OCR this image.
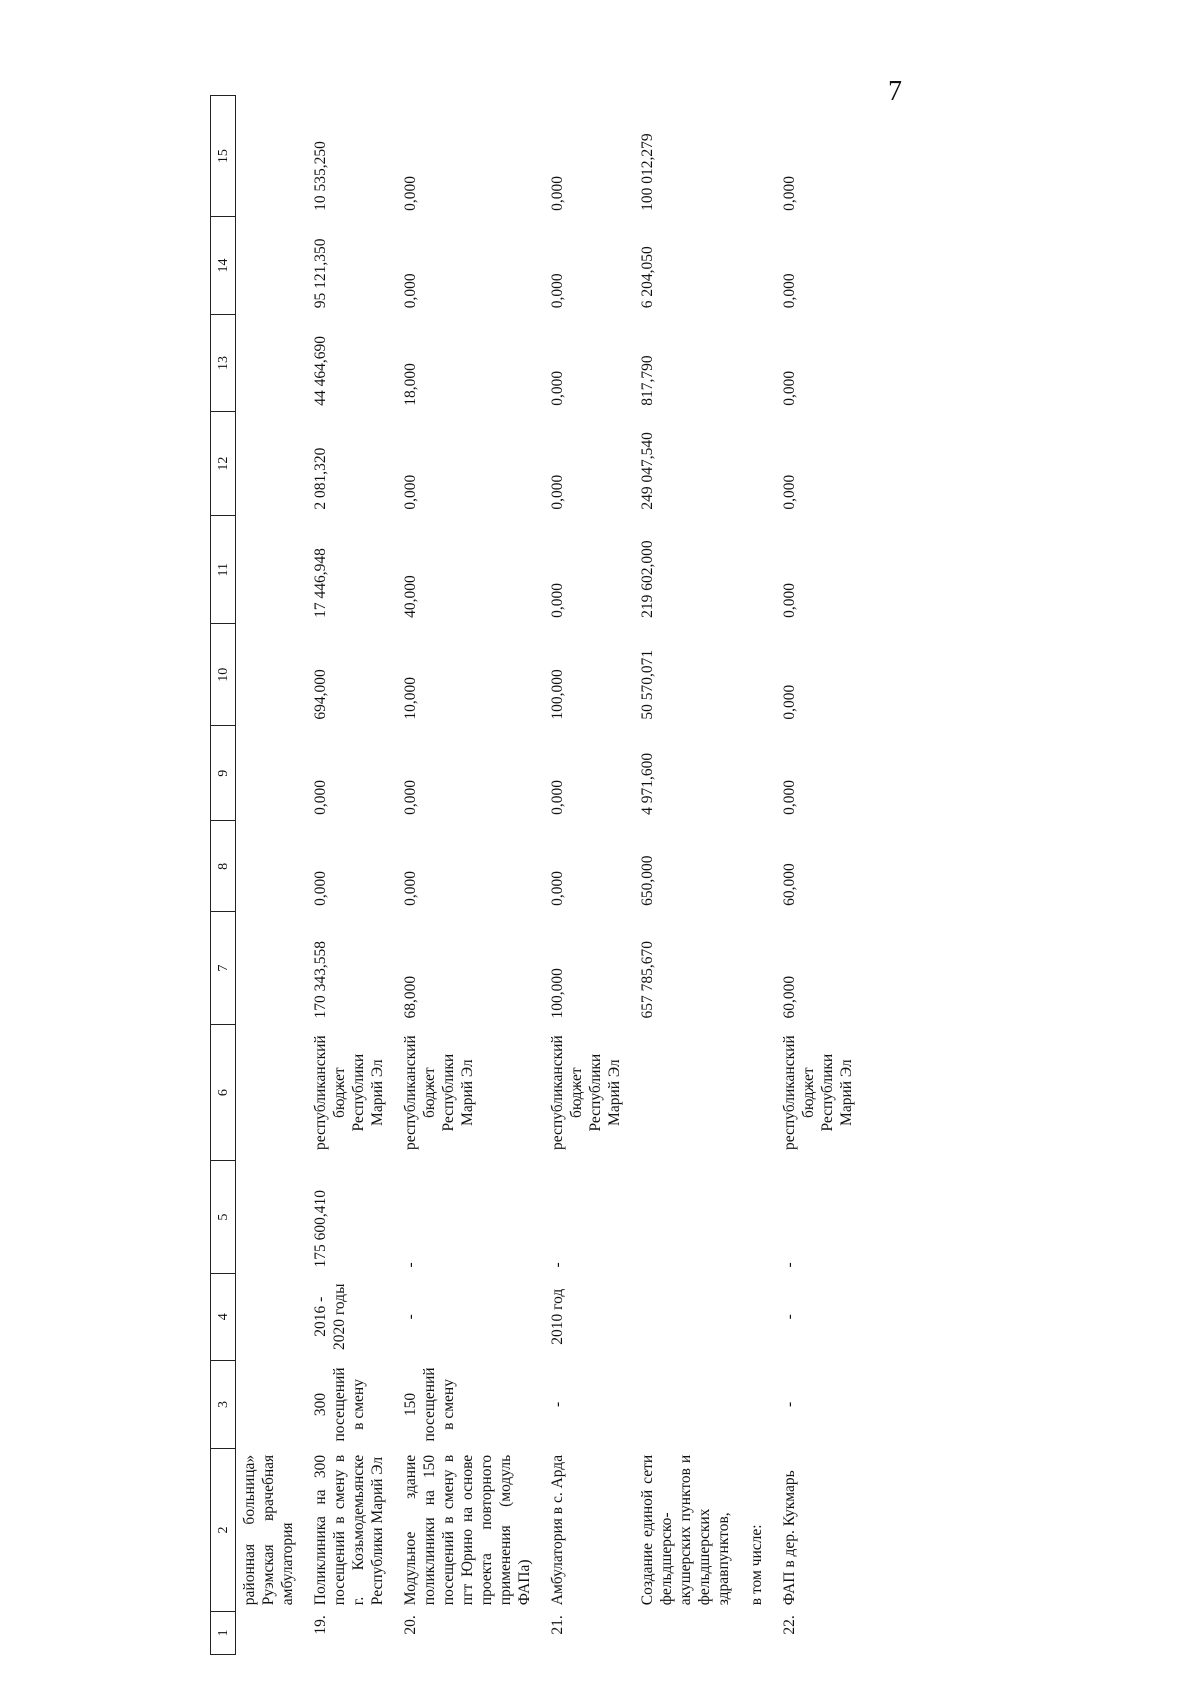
7
1	2	3	4	5	6	7	8	9	10	11	12	13	14	15
	районная больница» Руэмская врачебная амбулатория													
19.	Поликлиника на 300 посещений в смену в г. Козьмодемьянске Республики Марий Эл	300 посещений в смену	2016 - 2020 годы	175 600,410	республиканский бюджет Республики Марий Эл	170 343,558	0,000	0,000	694,000	17 446,948	2 081,320	44 464,690	95 121,350	10 535,250
20.	Модульное здание поликлиники на 150 посещений в смену в пгт Юрино на основе проекта повторного применения (модуль ФАПа)	150 посещений в смену	-	-	республиканский бюджет Республики Марий Эл	68,000	0,000	0,000	10,000	40,000	0,000	18,000	0,000	0,000
21.	Амбулатория в с. Арда	-	2010 год	-	республиканский бюджет Республики Марий Эл	100,000	0,000	0,000	100,000	0,000	0,000	0,000	0,000	0,000
	Создание единой сети фельдшерско-акушерских пунктов и фельдшерских здравпунктов,					657 785,670	650,000	4 971,600	50 570,071	219 602,000	249 047,540	817,790	6 204,050	100 012,279
	в том числе:													
22.	ФАП в дер. Кукмарь	-	-	-	республиканский бюджет Республики Марий Эл	60,000	60,000	0,000	0,000	0,000	0,000	0,000	0,000	0,000
